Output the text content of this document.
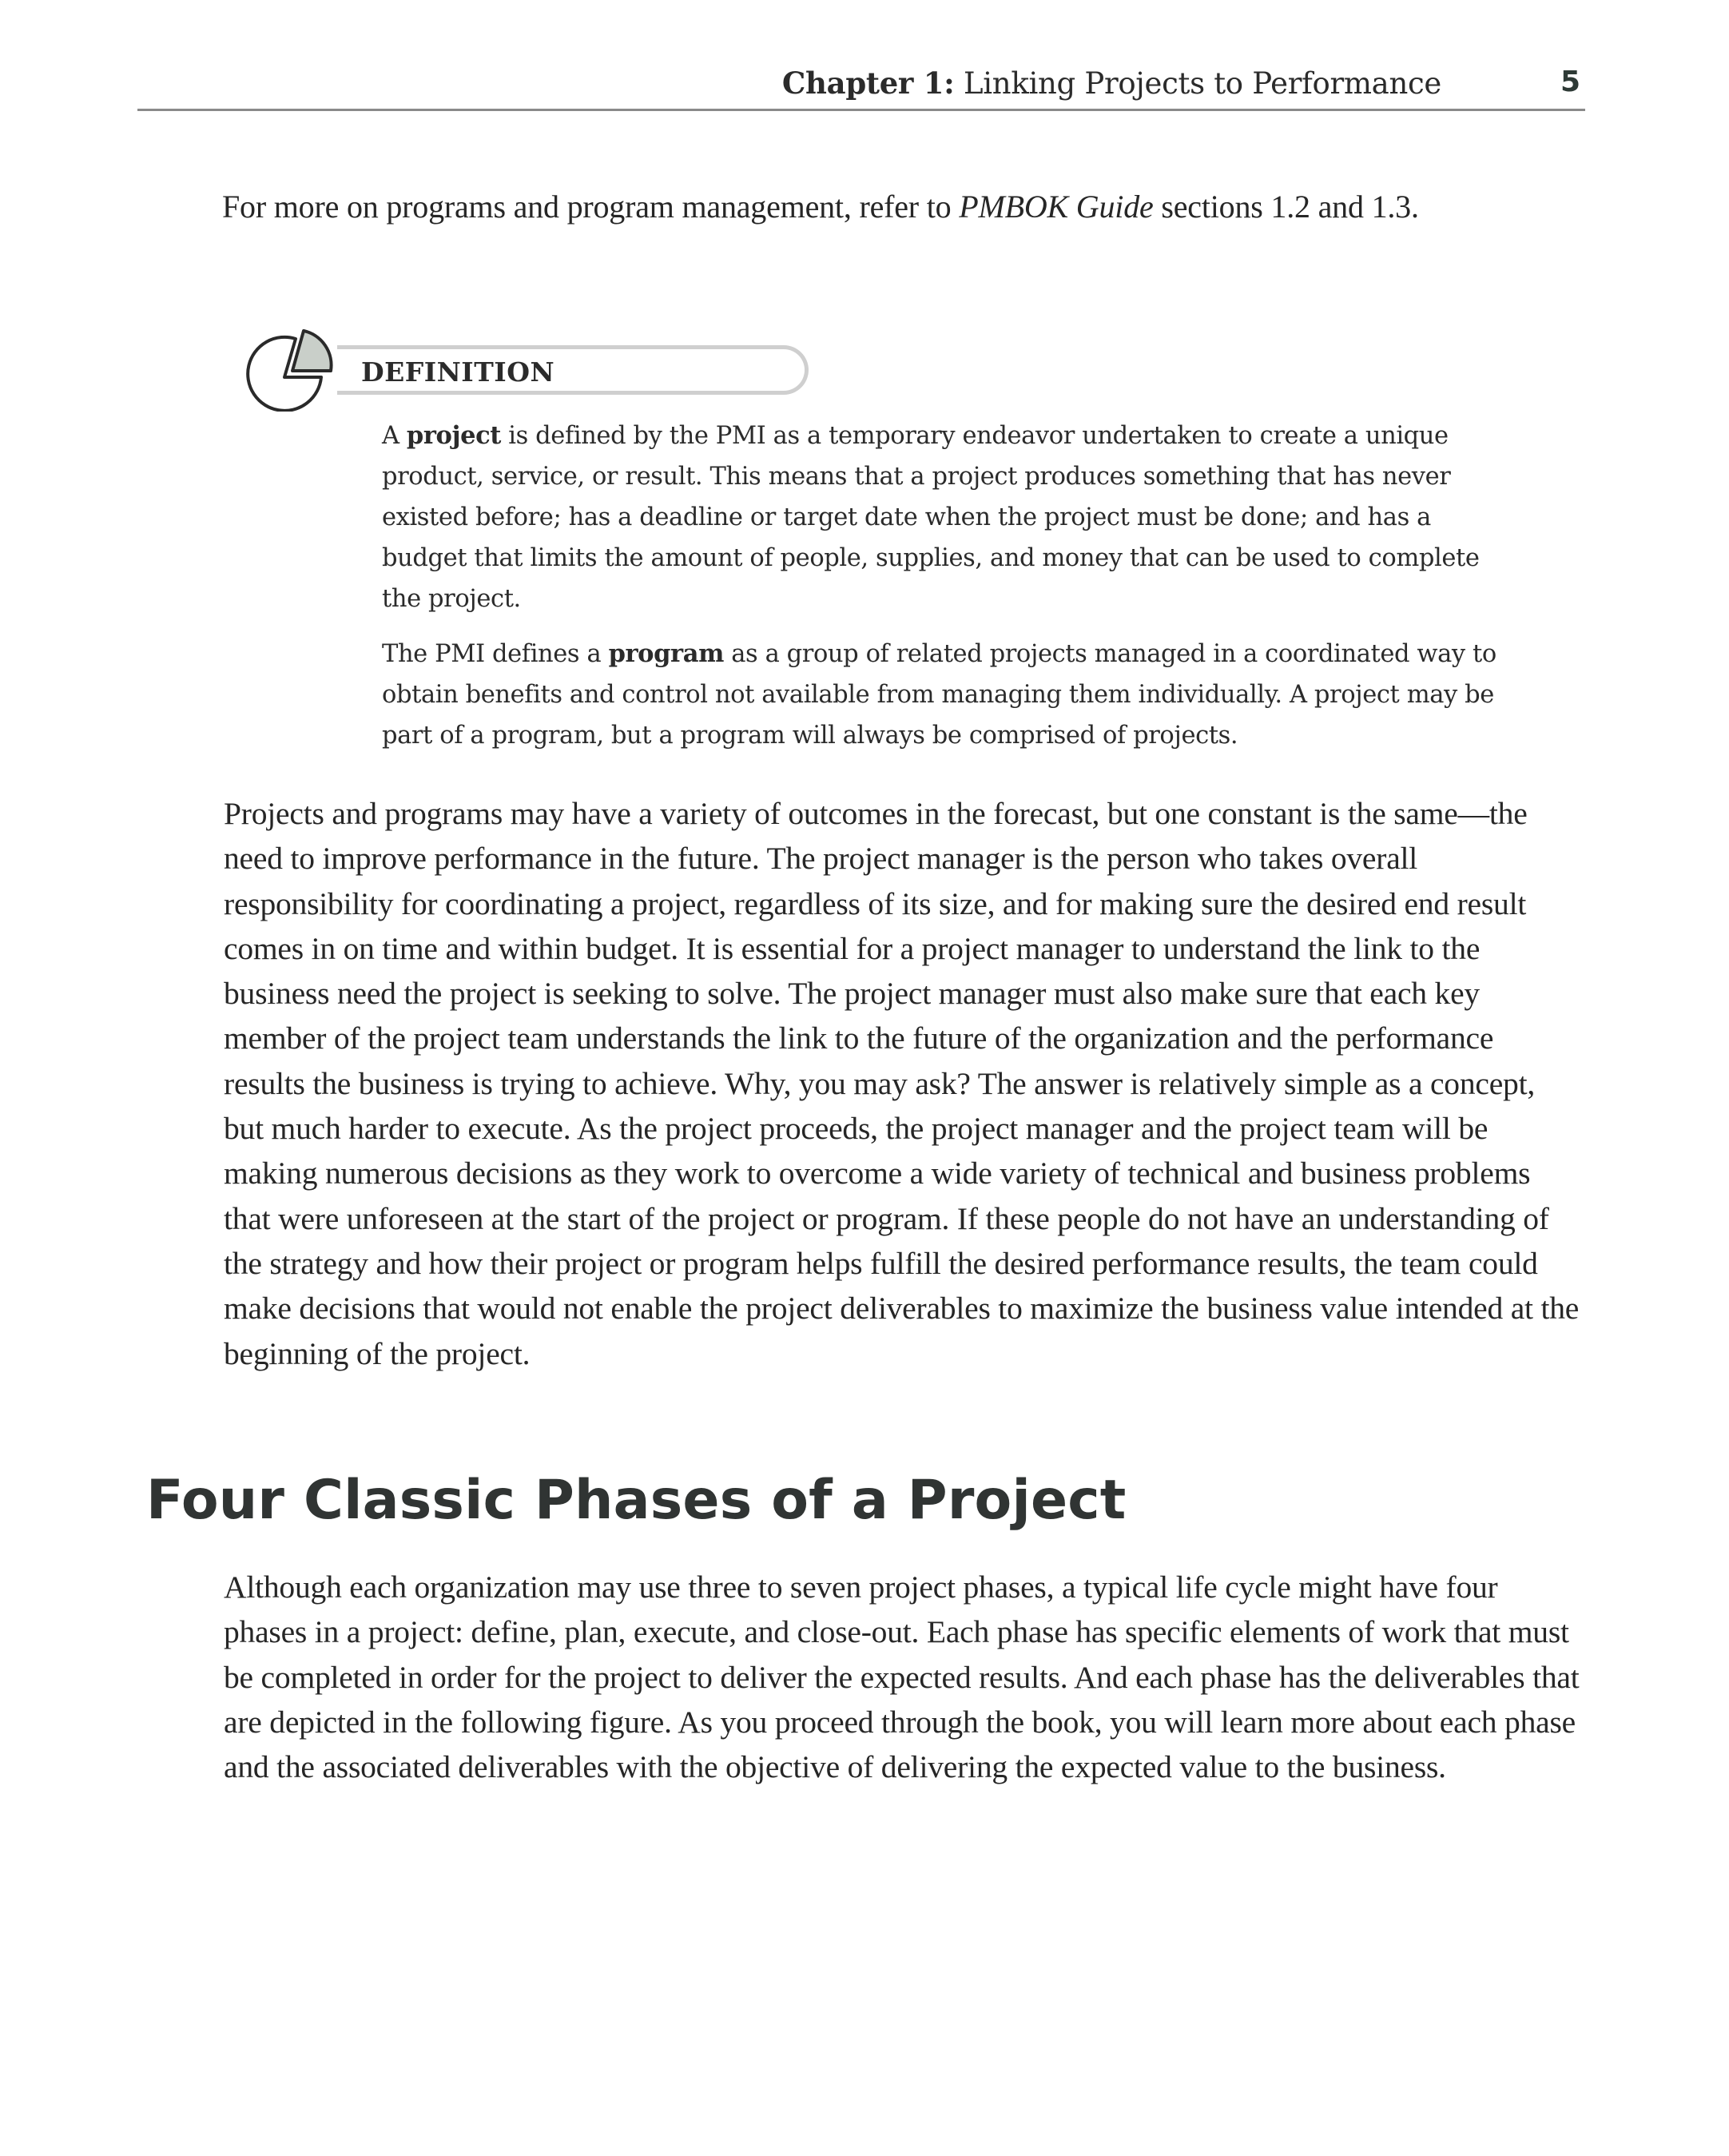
Chapter 1: Linking Projects to Performance	5

For more on programs and program management, refer to PMBOK Guide sections 1.2 and 1.3.

DEFINITION

A project is defined by the PMI as a temporary endeavor undertaken to create a unique product, service, or result. This means that a project produces something that has never existed before; has a deadline or target date when the project must be done; and has a budget that limits the amount of people, supplies, and money that can be used to complete the project.

The PMI defines a program as a group of related projects managed in a coordinated way to obtain benefits and control not available from managing them individually. A project may be part of a program, but a program will always be comprised of projects.

Projects and programs may have a variety of outcomes in the forecast, but one constant is the same—the need to improve performance in the future. The project manager is the person who takes overall responsibility for coordinating a project, regardless of its size, and for making sure the desired end result comes in on time and within budget. It is essential for a project manager to understand the link to the business need the project is seeking to solve. The project manager must also make sure that each key member of the project team understands the link to the future of the organization and the performance results the business is trying to achieve. Why, you may ask? The answer is relatively simple as a concept, but much harder to execute. As the project proceeds, the project manager and the project team will be making numerous decisions as they work to overcome a wide variety of technical and business problems that were unforeseen at the start of the project or program. If these people do not have an understanding of the strategy and how their project or program helps fulfill the desired performance results, the team could make decisions that would not enable the project deliverables to maximize the business value intended at the beginning of the project.

Four Classic Phases of a Project

Although each organization may use three to seven project phases, a typical life cycle might have four phases in a project: define, plan, execute, and close-out. Each phase has specific elements of work that must be completed in order for the project to deliver the expected results. And each phase has the deliverables that are depicted in the following figure. As you proceed through the book, you will learn more about each phase and the associated deliverables with the objective of delivering the expected value to the business.
